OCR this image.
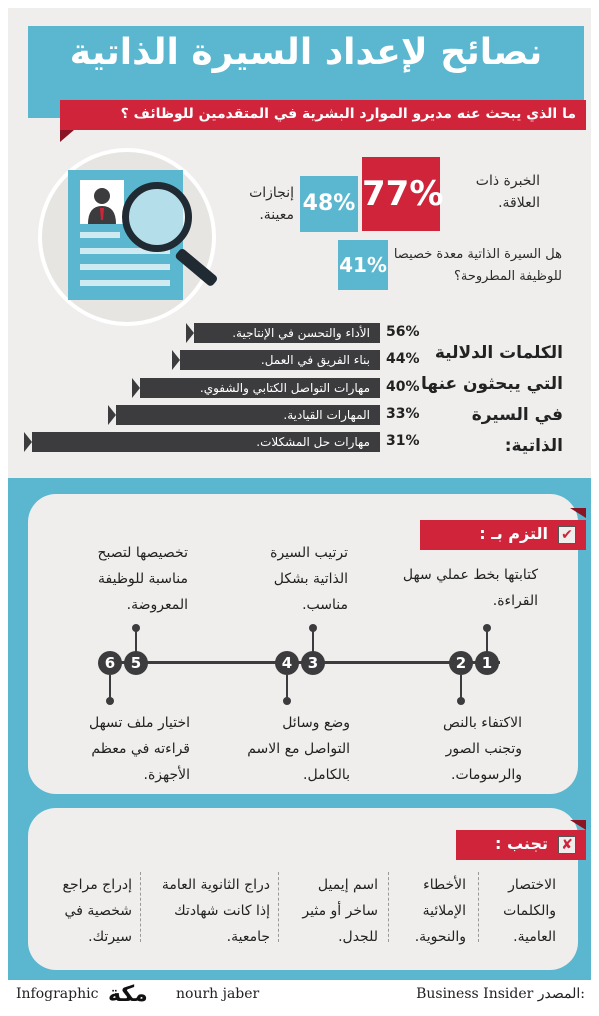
نصائح لإعداد السيرة الذاتية
ما الذي يبحث عنه مديرو الموارد البشرية في المتقدمين للوظائف ؟
77%	الخبرة ذات العلاقة.
48%
إنجازات معينة.
41% هل السيرة الذاتية معدة خصيصا للوظيفة المطروحة؟
الكلمات الدلالية التي يبحثون عنها في السيرة الذاتية:
الأداء والتحسن في الإنتاجية.	56%
بناء الفريق في العمل.	44%
مهارات التواصل الكتابي والشفوي.	40%
المهارات القيادية.	33%
مهارات حل المشكلات.	31%
التزم بـ : ✔
كتابتها بخط عملي سهل القراءة.
ترتيب السيرة الذاتية بشكل مناسب.
تخصيصها لتصبح مناسبة للوظيفة المعروضة.
1
2
3
4
5
6
الاكتفاء بالنص وتجنب الصور والرسومات.
وضع وسائل التواصل مع الاسم بالكامل.
اختيار ملف تسهل قراءته في معظم الأجهزة.
تجنب : ✘
الاختصار والكلمات العامية.
الأخطاء الإملائية والنحوية.
اسم إيميل ساخر أو مثير للجدل.
دراج الثانوية العامة إذا كانت شهادتك جامعية.
إدراج مراجع شخصية في سيرتك.
Infographic مكة nourh jaber	Business Insider المصدر:
